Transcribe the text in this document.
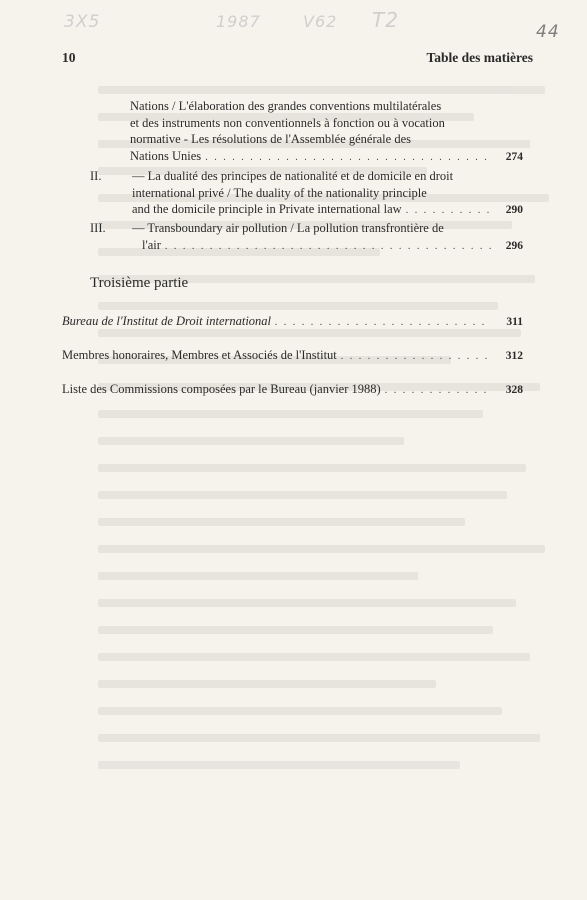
3X5	1987	V62 T2	44
10	Table des matières
Nations / L'élaboration des grandes conventions multilatérales
et des instruments non conventionnels à fonction ou à vocation
normative - Les résolutions de l'Assemblée générale des
Nations Unies . . .	274
II. — La dualité des principes de nationalité et de domicile en droit
international privé / The duality of the nationality principle
and the domicile principle in Private international law . . .	290
III. — Transboundary air pollution / La pollution transfrontière de
l'air . . .	296
Troisième partie
Bureau de l'Institut de Droit international . . .	311
Membres honoraires, Membres et Associés de l'Institut . . .	312
Liste des Commissions composées par le Bureau (janvier 1988) . . .	328
